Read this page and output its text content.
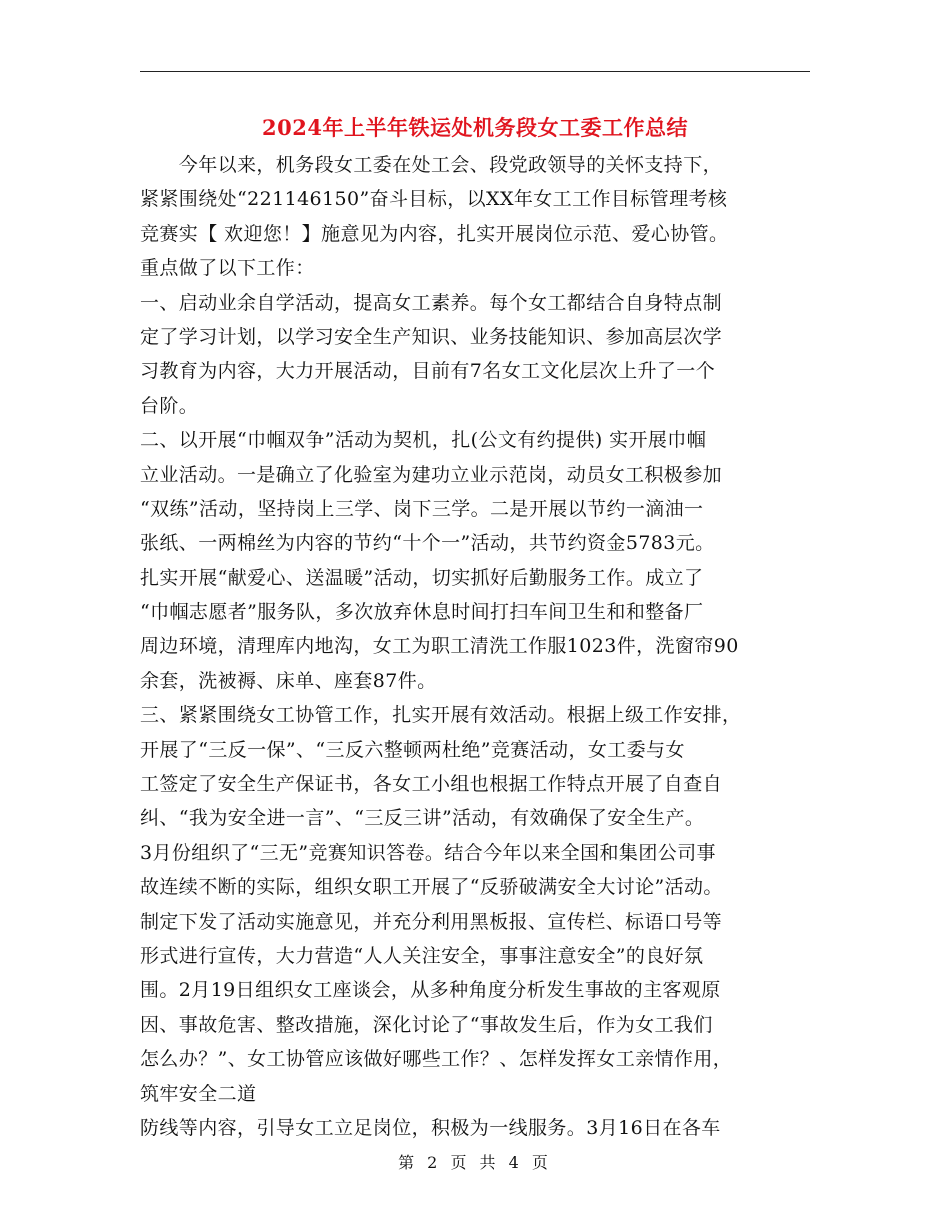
2024年上半年铁运处机务段女工委工作总结
　　今年以来，机务段女工委在处工会、段党政领导的关怀支持下，
紧紧围绕处“221146150”奋斗目标，以XX年女工工作目标管理考核
竞赛实【 欢迎您！】施意见为内容，扎实开展岗位示范、爱心协管。
重点做了以下工作：
一、启动业余自学活动，提高女工素养。每个女工都结合自身特点制
定了学习计划，以学习安全生产知识、业务技能知识、参加高层次学
习教育为内容，大力开展活动，目前有7名女工文化层次上升了一个
台阶。
二、以开展“巾帼双争”活动为契机，扎(公文有约提供) 实开展巾帼
立业活动。一是确立了化验室为建功立业示范岗，动员女工积极参加
“双练”活动，坚持岗上三学、岗下三学。二是开展以节约一滴油一
张纸、一两棉丝为内容的节约“十个一”活动，共节约资金5783元。
扎实开展“献爱心、送温暖”活动，切实抓好后勤服务工作。成立了
“巾帼志愿者”服务队，多次放弃休息时间打扫车间卫生和和整备厂
周边环境，清理库内地沟，女工为职工清洗工作服1023件，洗窗帘90
余套，洗被褥、床单、座套87件。
三、紧紧围绕女工协管工作，扎实开展有效活动。根据上级工作安排，
开展了“三反一保”、“三反六整顿两杜绝”竞赛活动，女工委与女
工签定了安全生产保证书，各女工小组也根据工作特点开展了自查自
纠、“我为安全进一言”、“三反三讲”活动，有效确保了安全生产。
3月份组织了“三无”竞赛知识答卷。结合今年以来全国和集团公司事
故连续不断的实际，组织女职工开展了“反骄破满安全大讨论”活动。
制定下发了活动实施意见，并充分利用黑板报、宣传栏、标语口号等
形式进行宣传，大力营造“人人关注安全，事事注意安全”的良好氛
围。2月19日组织女工座谈会，从多种角度分析发生事故的主客观原
因、事故危害、整改措施，深化讨论了“事故发生后，作为女工我们
怎么办？”、女工协管应该做好哪些工作？、怎样发挥女工亲情作用，
筑牢安全二道
防线等内容，引导女工立足岗位，积极为一线服务。3月16日在各车
第 2 页 共 4 页
